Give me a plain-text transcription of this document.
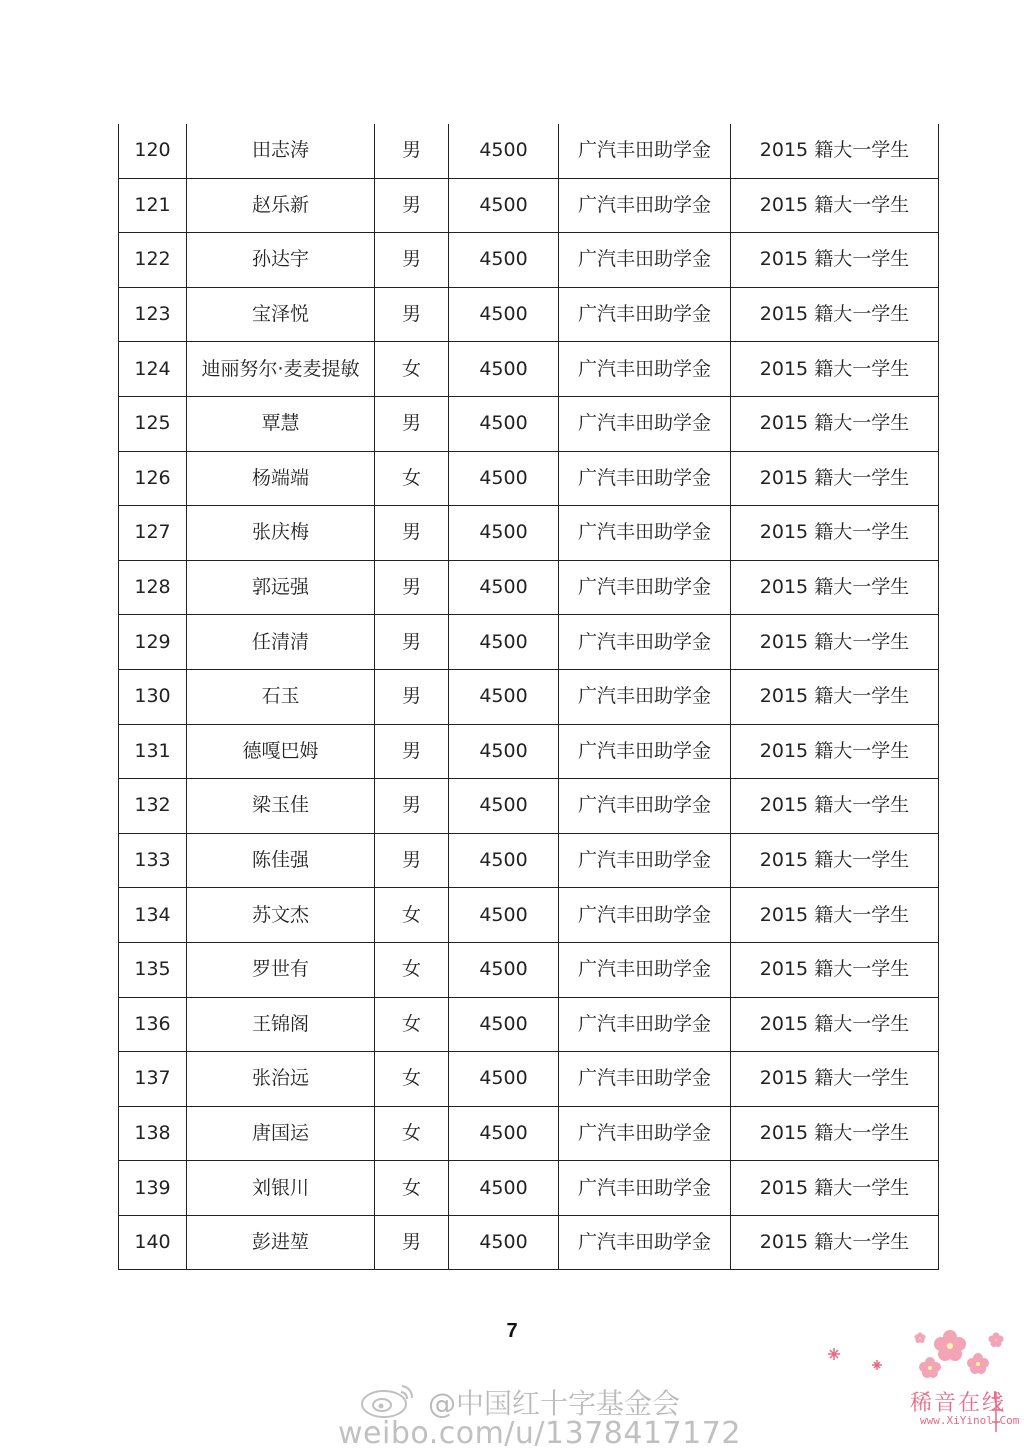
120	田志涛	男	4500	广汽丰田助学金	2015 籍大一学生
121	赵乐新	男	4500	广汽丰田助学金	2015 籍大一学生
122	孙达宇	男	4500	广汽丰田助学金	2015 籍大一学生
123	宝泽悦	男	4500	广汽丰田助学金	2015 籍大一学生
124	迪丽努尔·麦麦提敏	女	4500	广汽丰田助学金	2015 籍大一学生
125	覃慧	男	4500	广汽丰田助学金	2015 籍大一学生
126	杨端端	女	4500	广汽丰田助学金	2015 籍大一学生
127	张庆梅	男	4500	广汽丰田助学金	2015 籍大一学生
128	郭远强	男	4500	广汽丰田助学金	2015 籍大一学生
129	任清清	男	4500	广汽丰田助学金	2015 籍大一学生
130	石玉	男	4500	广汽丰田助学金	2015 籍大一学生
131	德嘎巴姆	男	4500	广汽丰田助学金	2015 籍大一学生
132	梁玉佳	男	4500	广汽丰田助学金	2015 籍大一学生
133	陈佳强	男	4500	广汽丰田助学金	2015 籍大一学生
134	苏文杰	女	4500	广汽丰田助学金	2015 籍大一学生
135	罗世有	女	4500	广汽丰田助学金	2015 籍大一学生
136	王锦阁	女	4500	广汽丰田助学金	2015 籍大一学生
137	张治远	女	4500	广汽丰田助学金	2015 籍大一学生
138	唐国运	女	4500	广汽丰田助学金	2015 籍大一学生
139	刘银川	女	4500	广汽丰田助学金	2015 籍大一学生
140	彭进堃	男	4500	广汽丰田助学金	2015 籍大一学生
7
@中国红十字基金会
weibo.com/u/1378417172
稀音在线
www.XiYinol.Com
